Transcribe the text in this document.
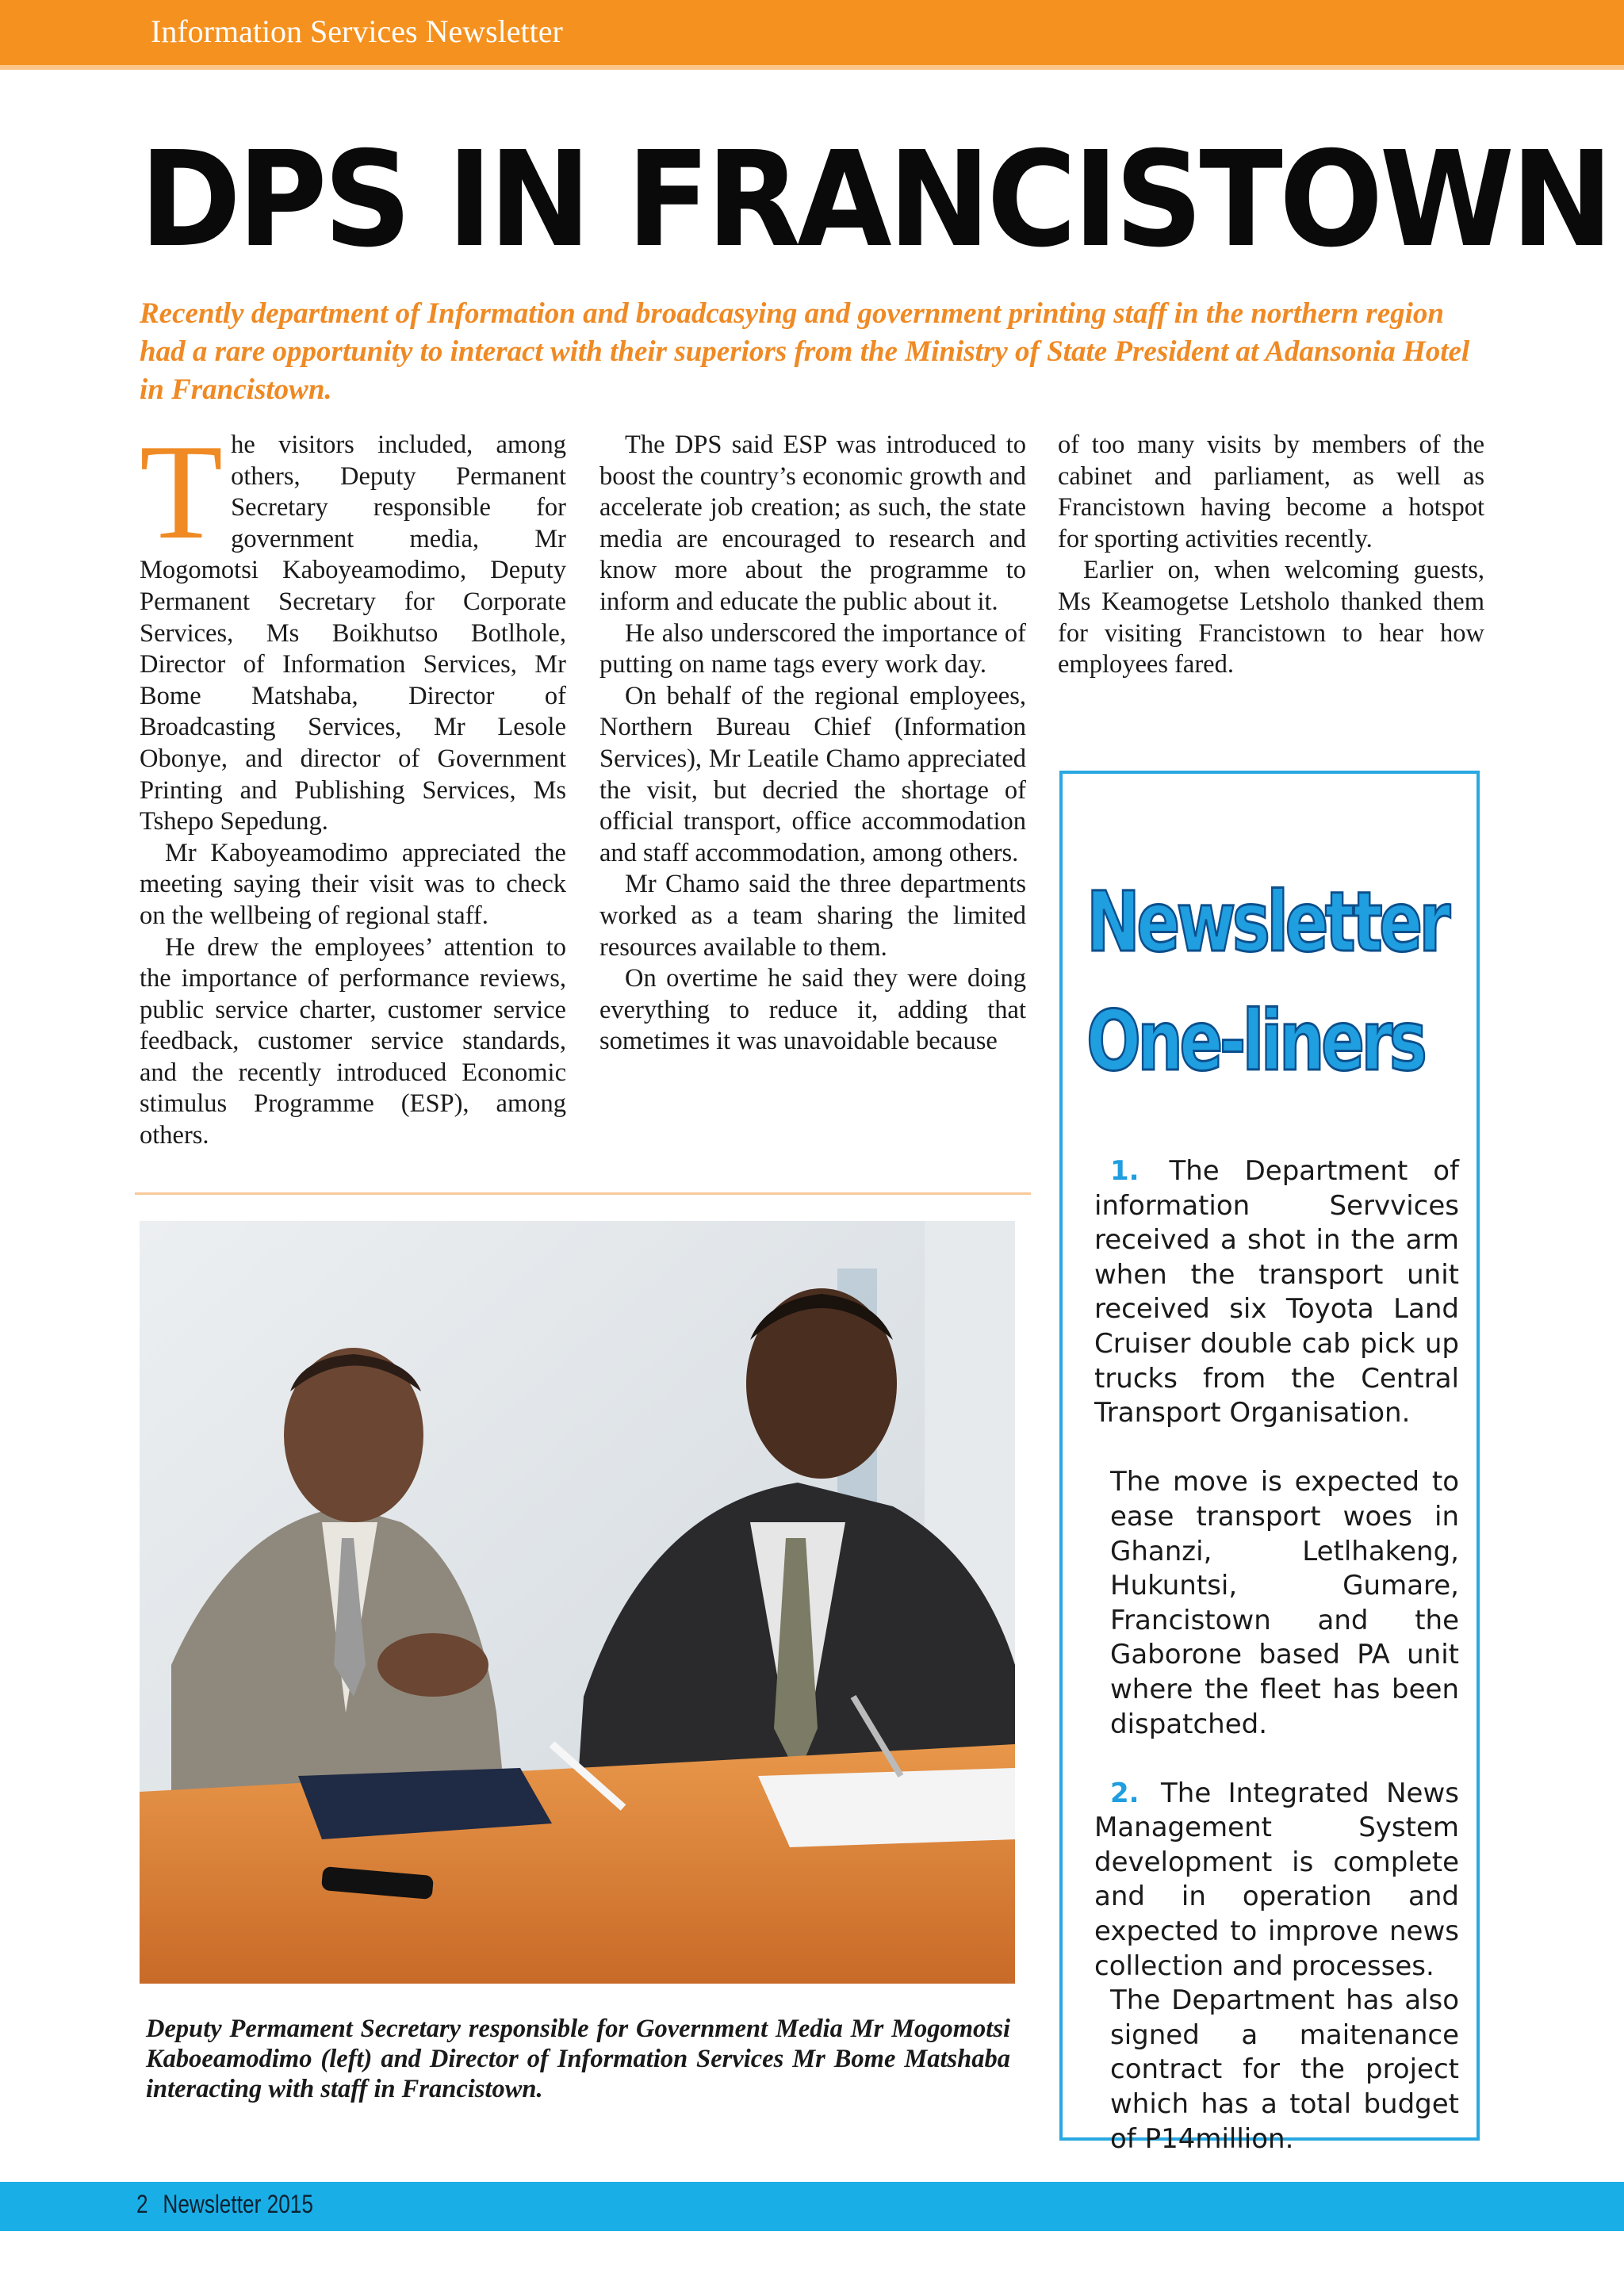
Information Services Newsletter
DPS IN FRANCISTOWN

Recently department of Information and broadcasying and government printing staff in the northern region had a rare opportunity to interact with their superiors from the Ministry of State President at Adansonia Hotel in Francistown.

T he visitors included, among others, Deputy Permanent Secretary responsible for government media, Mr Mogomotsi Kaboyeamodimo, Deputy Permanent Secretary for Corporate Services, Ms Boikhutso Botlhole, Director of Information Services, Mr Bome Matshaba, Director of Broadcasting Services, Mr Lesole Obonye, and director of Government Printing and Publishing Services, Ms Tshepo Sepedung.

Mr Kaboyeamodimo appreciated the meeting saying their visit was to check on the wellbeing of regional staff.

He drew the employees’ attention to the importance of performance reviews, public service charter, customer service feedback, customer service standards, and the recently introduced Economic stimulus Programme (ESP), among others.

The DPS said ESP was introduced to boost the country’s economic growth and accelerate job creation; as such, the state media are encouraged to research and know more about the programme to inform and educate the public about it.

He also underscored the importance of putting on name tags every work day.

On behalf of the regional employees, Northern Bureau Chief (Information Services), Mr Leatile Chamo appreciated the visit, but decried the shortage of official transport, office accommodation and staff accommodation, among others.

Mr Chamo said the three departments worked as a team sharing the limited resources available to them.

On overtime he said they were doing everything to reduce it, adding that sometimes it was unavoidable because

of too many visits by members of the cabinet and parliament, as well as Francistown having become a hotspot for sporting activities recently.

Earlier on, when welcoming guests, Ms Keamogetse Letsholo thanked them for visiting Francistown to hear how employees fared.

Deputy Permament Secretary responsible for Government Media Mr Mogomotsi Kaboeamodimo (left) and Director of Information Services Mr Bome Matshaba interacting with staff in Francistown.

Newsletter
One-liners

1. The Department of information Servvices received a shot in the arm when the transport unit received six Toyota Land Cruiser double cab pick up trucks from the Central Transport Organisation.

The move is expected to ease transport woes in Ghanzi, Letlhakeng, Hukuntsi, Gumare, Francistown and the Gaborone based PA unit where the fleet has been dispatched.

2. The Integrated News Management System development is complete and in operation and expected to improve news collection and processes.

The Department has also signed a maitenance contract for the project which has a total budget of P14million.

2 Newsletter 2015
